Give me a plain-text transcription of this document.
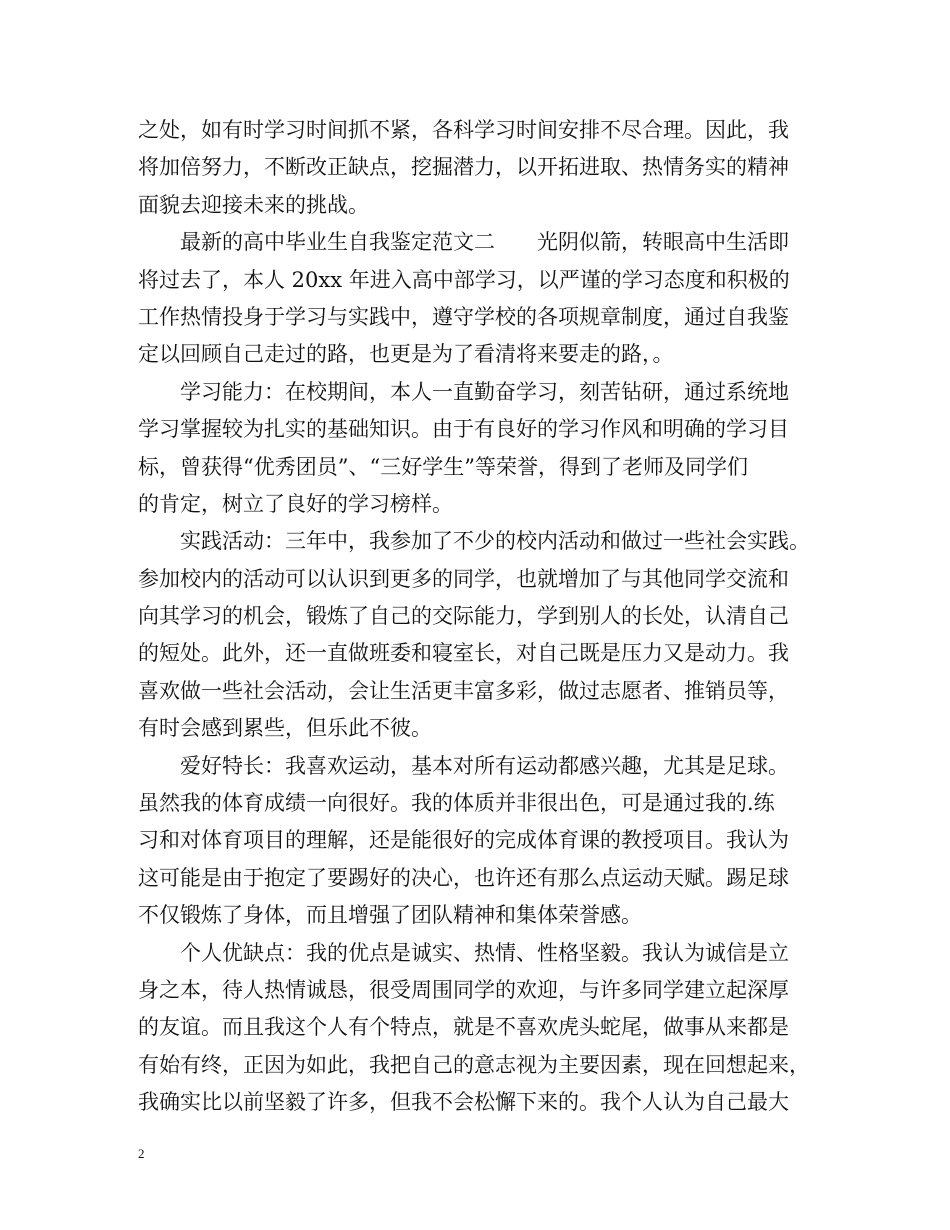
之处，如有时学习时间抓不紧，各科学习时间安排不尽合理。因此，我
将加倍努力，不断改正缺点，挖掘潜力，以开拓进取、热情务实的精神
面貌去迎接未来的挑战。
　　最新的高中毕业生自我鉴定范文二　　光阴似箭，转眼高中生活即
将过去了，本人 20xx 年进入高中部学习，以严谨的学习态度和积极的
工作热情投身于学习与实践中，遵守学校的各项规章制度，通过自我鉴
定以回顾自己走过的路，也更是为了看清将来要走的路，。
　　学习能力：在校期间，本人一直勤奋学习，刻苦钻研，通过系统地
学习掌握较为扎实的基础知识。由于有良好的学习作风和明确的学习目
标，曾获得“优秀团员”、“三好学生”等荣誉，得到了老师及同学们
的肯定，树立了良好的学习榜样。
　　实践活动：三年中，我参加了不少的校内活动和做过一些社会实践。
参加校内的活动可以认识到更多的同学，也就增加了与其他同学交流和
向其学习的机会，锻炼了自己的交际能力，学到别人的长处，认清自己
的短处。此外，还一直做班委和寝室长，对自己既是压力又是动力。我
喜欢做一些社会活动，会让生活更丰富多彩，做过志愿者、推销员等，
有时会感到累些，但乐此不彼。
　　爱好特长：我喜欢运动，基本对所有运动都感兴趣，尤其是足球。
虽然我的体育成绩一向很好。我的体质并非很出色，可是通过我的.练
习和对体育项目的理解，还是能很好的完成体育课的教授项目。我认为
这可能是由于抱定了要踢好的决心，也许还有那么点运动天赋。踢足球
不仅锻炼了身体，而且增强了团队精神和集体荣誉感。
　　个人优缺点：我的优点是诚实、热情、性格坚毅。我认为诚信是立
身之本，待人热情诚恳，很受周围同学的欢迎，与许多同学建立起深厚
的友谊。而且我这个人有个特点，就是不喜欢虎头蛇尾，做事从来都是
有始有终，正因为如此，我把自己的意志视为主要因素，现在回想起来，
我确实比以前坚毅了许多，但我不会松懈下来的。我个人认为自己最大
2
